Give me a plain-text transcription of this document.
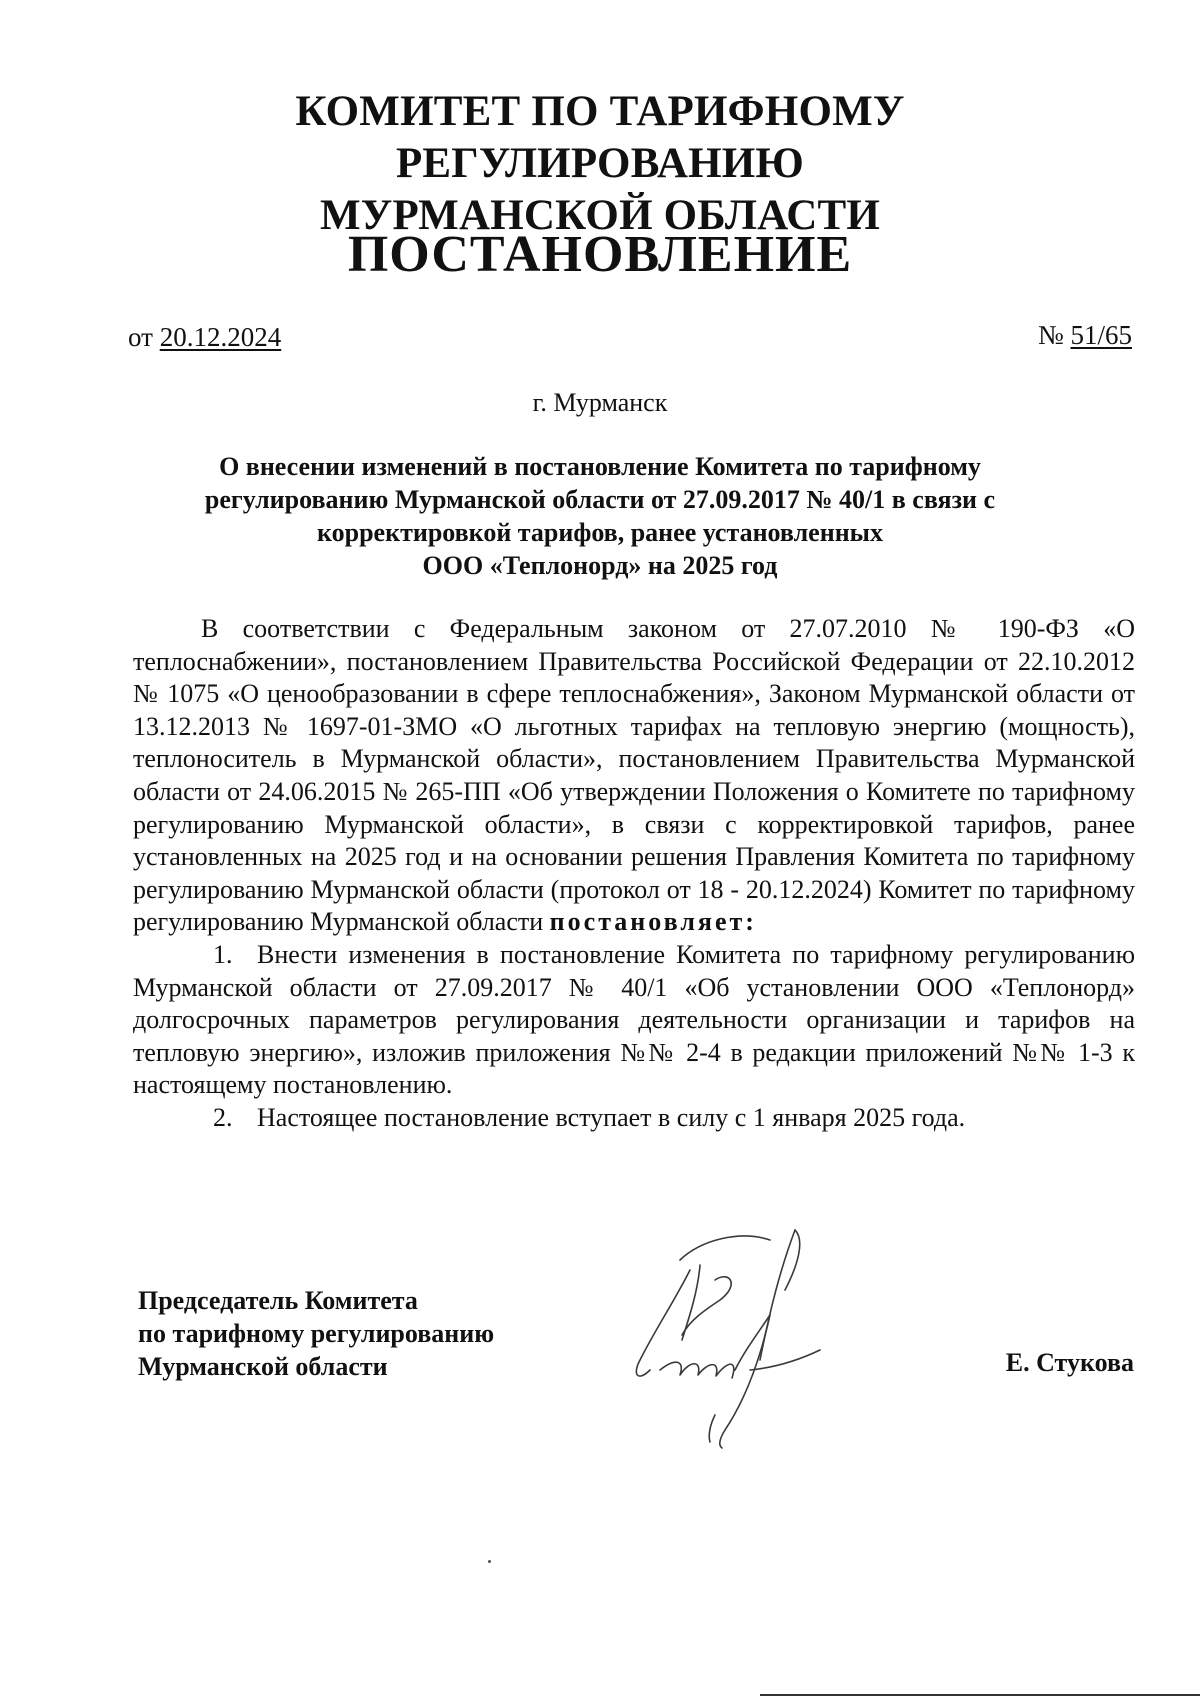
КОМИТЕТ ПО ТАРИФНОМУ РЕГУЛИРОВАНИЮ
МУРМАНСКОЙ ОБЛАСТИ
ПОСТАНОВЛЕНИЕ
от 20.12.2024	№ 51/65
г. Мурманск
О внесении изменений в постановление Комитета по тарифному
регулированию Мурманской области от 27.09.2017 № 40/1 в связи с
корректировкой тарифов, ранее установленных
ООО «Теплонорд» на 2025 год

В соответствии с Федеральным законом от 27.07.2010 № 190-ФЗ «О теплоснабжении», постановлением Правительства Российской Федерации от 22.10.2012 № 1075 «О ценообразовании в сфере теплоснабжения», Законом Мурманской области от 13.12.2013 № 1697-01-ЗМО «О льготных тарифах на тепловую энергию (мощность), теплоноситель в Мурманской области», постановлением Правительства Мурманской области от 24.06.2015 № 265-ПП «Об утверждении Положения о Комитете по тарифному регулированию Мурманской области», в связи с корректировкой тарифов, ранее установленных на 2025 год и на основании решения Правления Комитета по тарифному регулированию Мурманской области (протокол от 18 - 20.12.2024) Комитет по тарифному регулированию Мурманской области постановляет:

1. Внести изменения в постановление Комитета по тарифному регулированию Мурманской области от 27.09.2017 № 40/1 «Об установлении ООО «Теплонорд» долгосрочных параметров регулирования деятельности организации и тарифов на тепловую энергию», изложив приложения №№ 2-4 в редакции приложений №№ 1-3 к настоящему постановлению.

2. Настоящее постановление вступает в силу с 1 января 2025 года.

Председатель Комитета
по тарифному регулированию
Мурманской области	Е. Стукова
